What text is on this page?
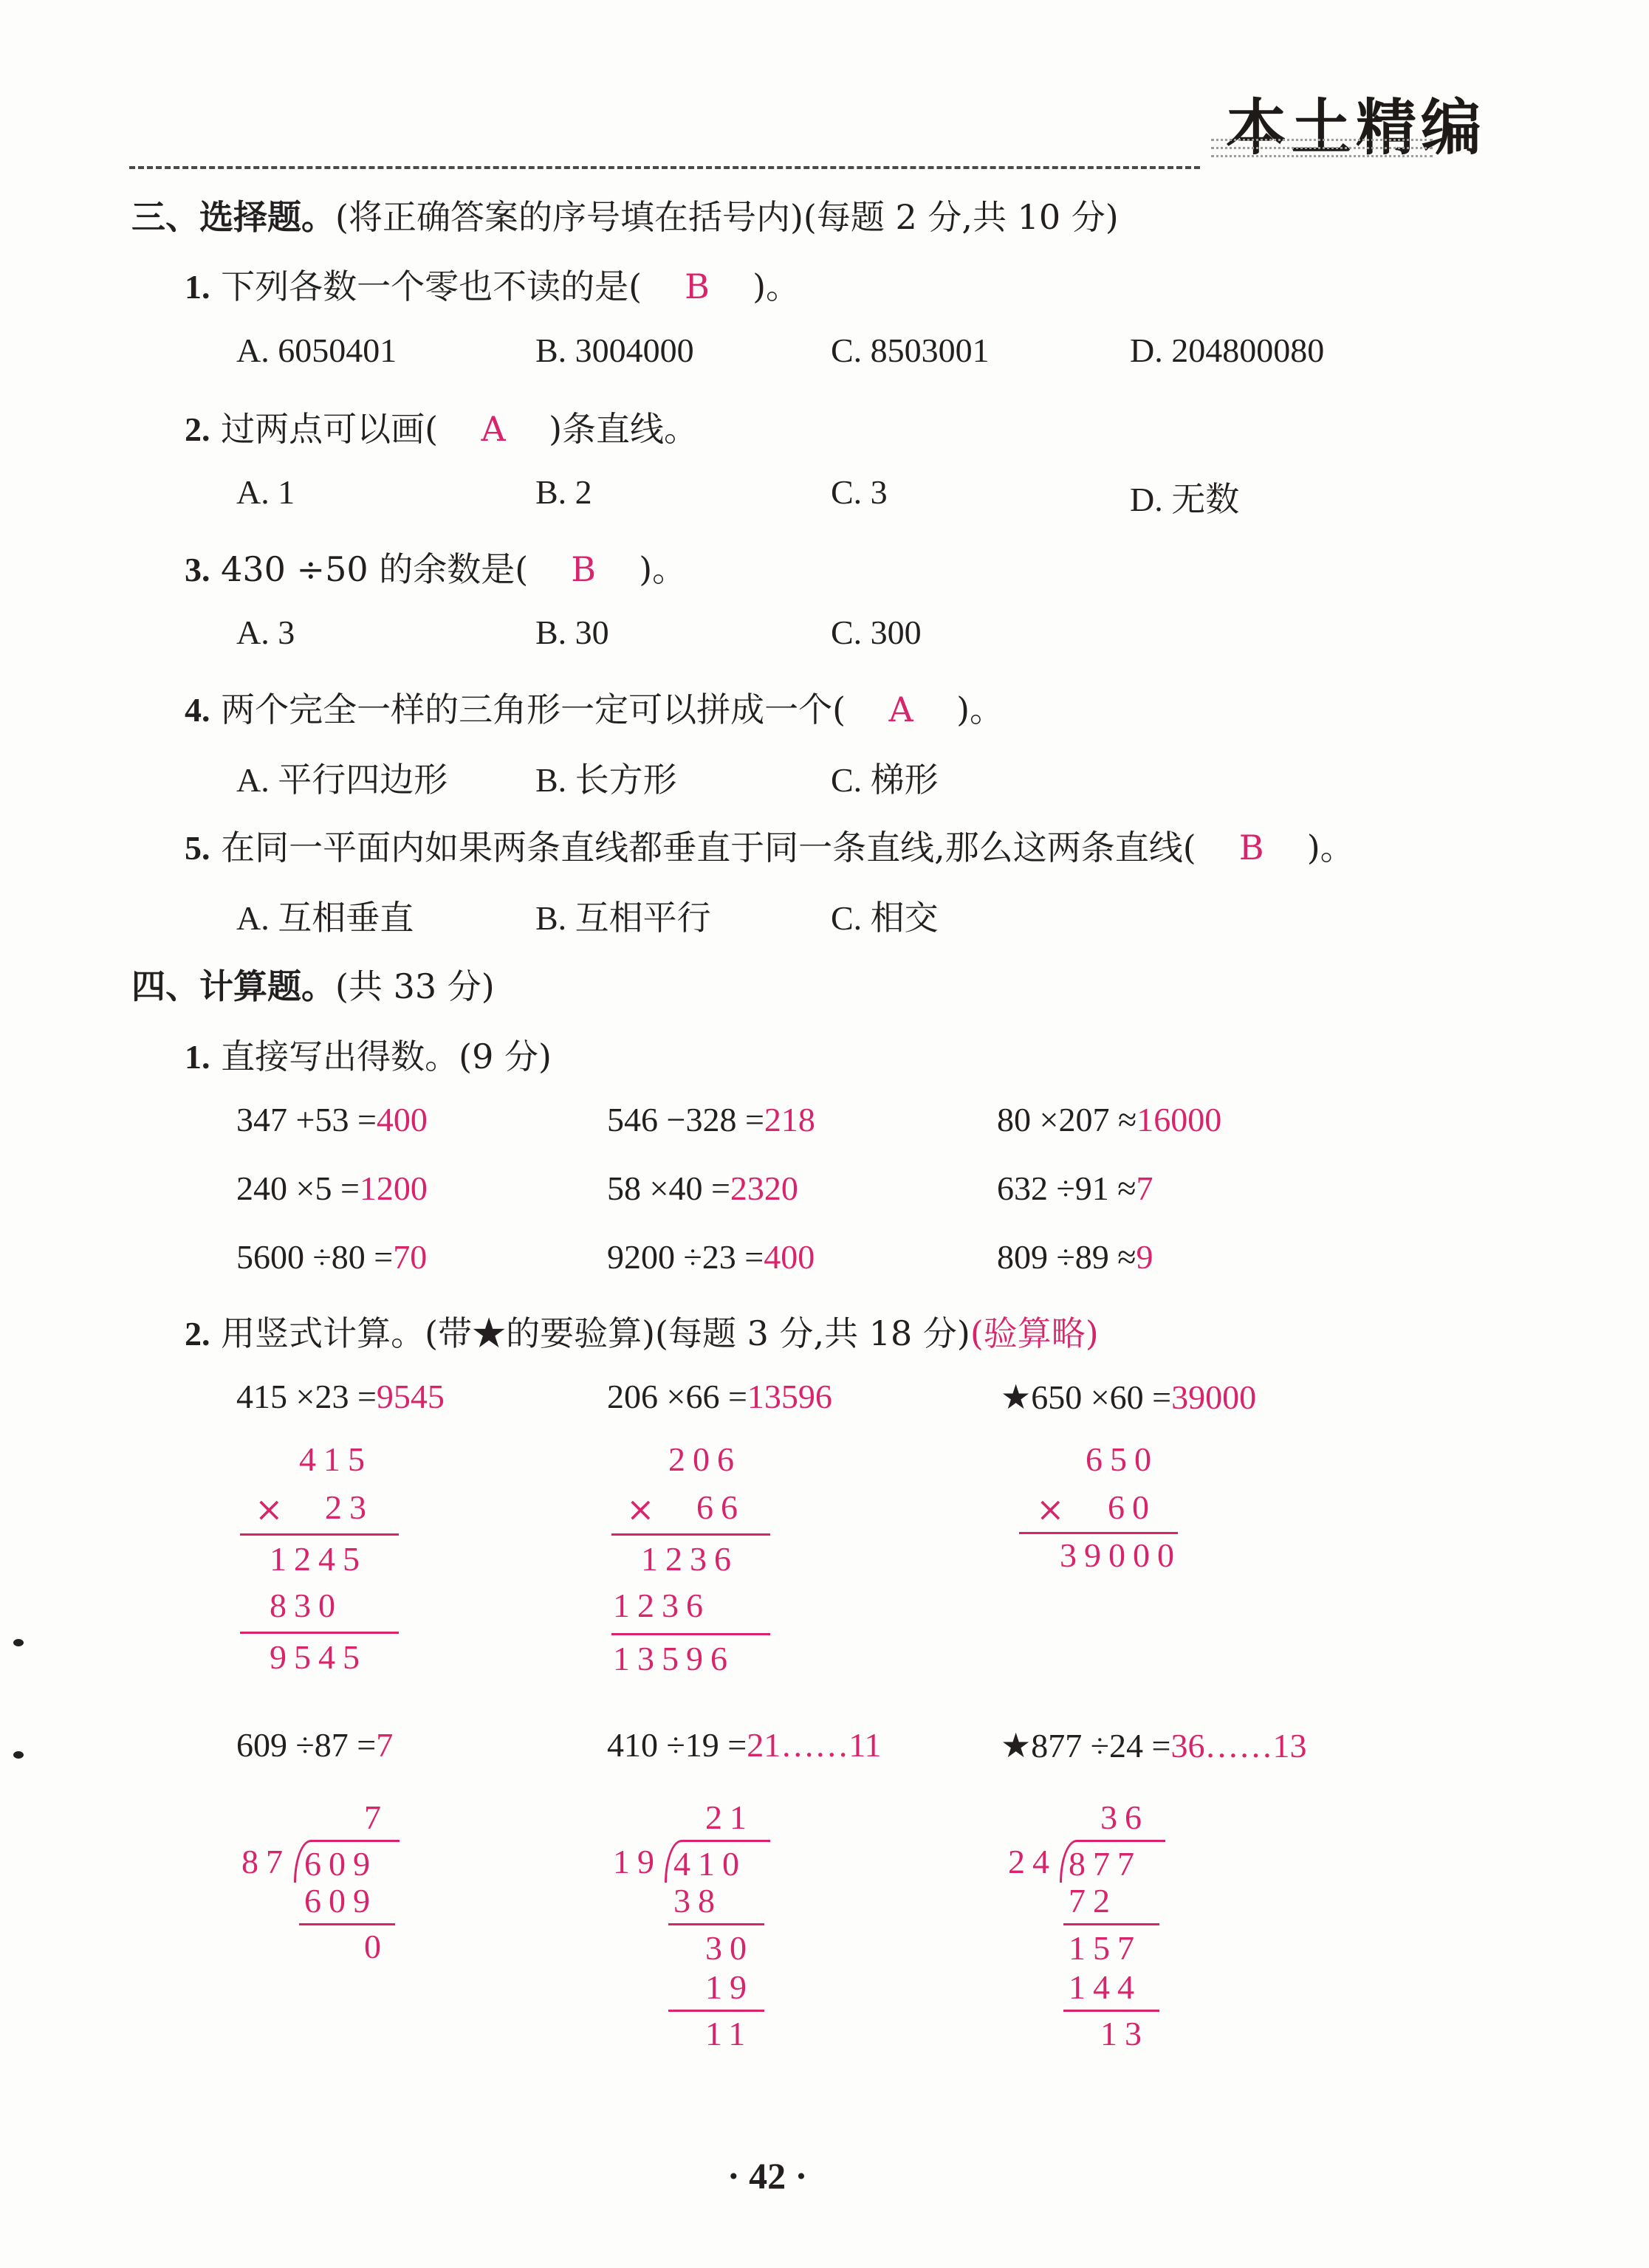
本土精编
三、选择题。(将正确答案的序号填在括号内)(每题 2 分,共 10 分)
1. 下列各数一个零也不读的是( B )。
A. 6050401	B. 3004000	C. 8503001	D. 204800080
2. 过两点可以画( A )条直线。
A. 1	B. 2	C. 3	D. 无数
3. 430 ÷50 的余数是( B )。
A. 3	B. 30	C. 300
4. 两个完全一样的三角形一定可以拼成一个( A )。
A. 平行四边形	B. 长方形	C. 梯形
5. 在同一平面内如果两条直线都垂直于同一条直线,那么这两条直线( B )。
A. 互相垂直	B. 互相平行	C. 相交
四、计算题。(共 33 分)
1. 直接写出得数。(9 分)
347 +53 =400	546 −328 =218	80 ×207 ≈16000
240 ×5 =1200	58 ×40 =2320	632 ÷91 ≈7
5600 ÷80 =70	9200 ÷23 =400	809 ÷89 ≈9
2. 用竖式计算。(带★的要验算)(每题 3 分,共 18 分)(验算略)
415 ×23 =9545	206 ×66 =13596	★650 ×60 =39000
415
× 23
1245
830
9545
206
× 66
1236
1236
13596
650
× 60
39000
609 ÷87 =7	410 ÷19 =21……11	★877 ÷24 =36……13
7
87 609
609
0
21
19 410
38
30
19
11
36
24 877
72
157
144
13
· 42 ·
